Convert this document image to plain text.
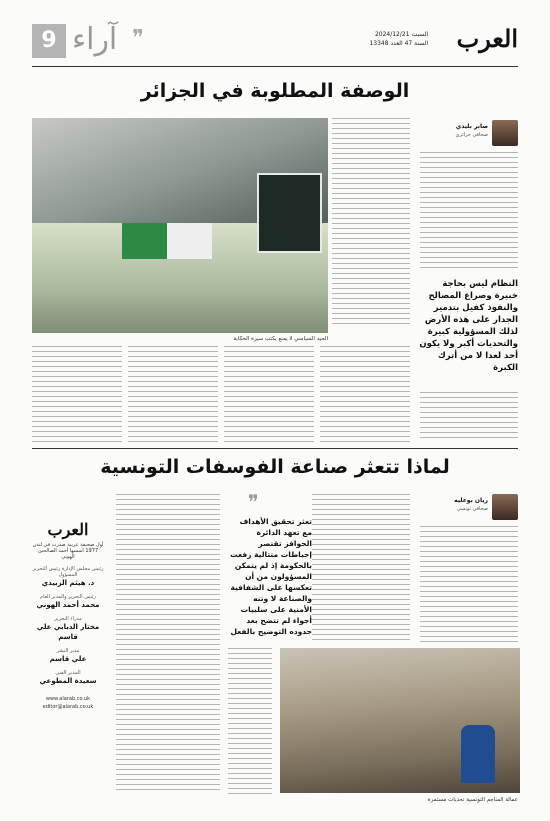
العرب
السبت 2024/12/21
السنة 47 العدد 13348
❞
آراء
9
الوصفة المطلوبة في الجزائر
صابر بليدي
صحافي جزائري
النظام ليس بحاجة خبيرة وصراع المصالح والنفوذ كفيل بتدمير الجدار على هذه الأرض لذلك المسؤولية كبيرة والتحديات أكبر ولا يكون أحد لعدا لا من أترك الكبرة
الجيد السياسي لا يمنع يكتب سيرة الحكاية
لماذا تتعثر صناعة الفوسفات التونسية
ريان بوعليه
صحافي تونسي
❞
تعثر تحقيق الأهداف مع تعهد الدائرة الحوافز تقتصر إحباطات متتالية رفعت بالحكومة إذ لم يتمكن المسؤولون من أن تعكسها على الشفافية والصناعة لا وتنه الأمنية على سلبيات أجواء لم تتضح بعد حدوده التوضيح بالفعل
عمالة المناجم التونسية تحديات مستمرة
العرب
أول صحيفة عربية صدرت في لندن 1977 أسسها أحمد الصالحين الهوني
رئيس مجلس الإدارة رئيس التحرير المسؤول
د. هيثم الزبيدي
رئيس التحرير والمدير العام
محمد أحمد الهوني
مدراء التحرير
مختار الدبابي علي قاسم
مدير النشر
علي قاسم
المدير الفني
سعيدة المطوعي
www.alarab.co.uk
editor@alarab.co.uk
